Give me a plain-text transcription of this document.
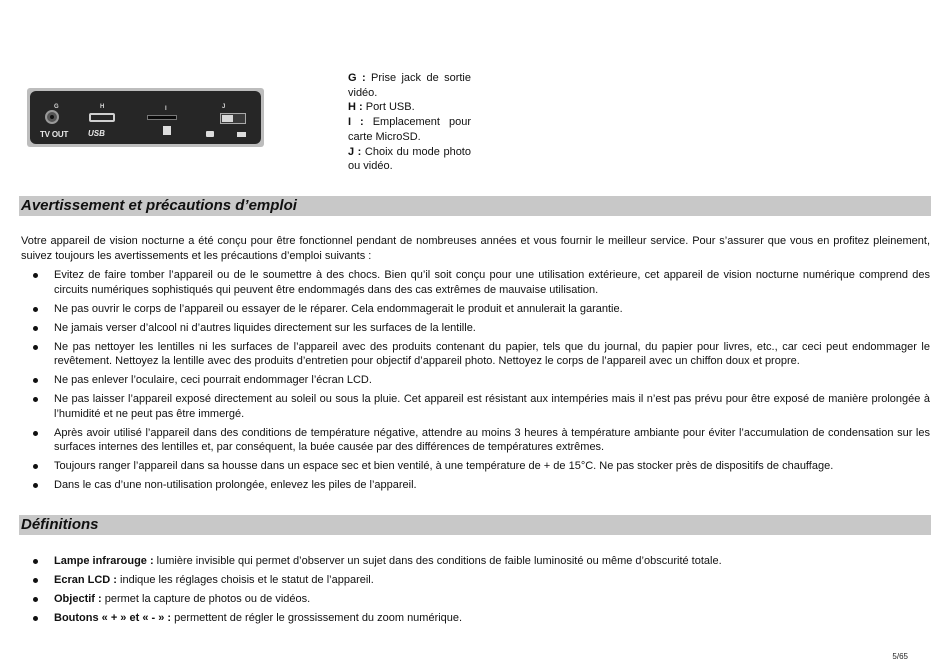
G	H	I	J
TV OUT USB

G : Prise jack de sortie vidéo.

H : Port USB.

I : Emplacement pour carte MicroSD.

J : Choix du mode photo ou vidéo.

Avertissement et précautions d’emploi

Votre appareil de vision nocturne a été conçu pour être fonctionnel pendant de nombreuses années et vous fournir le meilleur service. Pour s’assurer que vous en profitez pleinement, suivez toujours les avertissements et les précautions d’emploi suivants :

Evitez de faire tomber l’appareil ou de le soumettre à des chocs. Bien qu’il soit conçu pour une utilisation extérieure, cet appareil de vision nocturne numérique comprend des circuits numériques sophistiqués qui peuvent être endommagés dans des cas extrêmes de mauvaise utilisation.
Ne pas ouvrir le corps de l’appareil ou essayer de le réparer. Cela endommagerait le produit et annulerait la garantie.
Ne jamais verser d’alcool ni d’autres liquides directement sur les surfaces de la lentille.
Ne pas nettoyer les lentilles ni les surfaces de l’appareil avec des produits contenant du papier, tels que du journal, du papier pour livres, etc., car ceci peut endommager le revêtement. Nettoyez la lentille avec des produits d’entretien pour objectif d’appareil photo. Nettoyez le corps de l’appareil avec un chiffon doux et propre.
Ne pas enlever l’oculaire, ceci pourrait endommager l’écran LCD.
Ne pas laisser l’appareil exposé directement au soleil ou sous la pluie. Cet appareil est résistant aux intempéries mais il n’est pas prévu pour être exposé de manière prolongée à l’humidité et ne peut pas être immergé.
Après avoir utilisé l’appareil dans des conditions de température négative, attendre au moins 3 heures à température ambiante pour éviter l’accumulation de condensation sur les surfaces internes des lentilles et, par conséquent, la buée causée par des différences de températures extrêmes.
Toujours ranger l’appareil dans sa housse dans un espace sec et bien ventilé, à une température de + de 15°C. Ne pas stocker près de dispositifs de chauffage.
Dans le cas d’une non-utilisation prolongée, enlevez les piles de l’appareil.
Définitions
Lampe infrarouge : lumière invisible qui permet d’observer un sujet dans des conditions de faible luminosité ou même d’obscurité totale.
Ecran LCD : indique les réglages choisis et le statut de l’appareil.
Objectif : permet la capture de photos ou de vidéos.
Boutons « + » et « - » : permettent de régler le grossissement du zoom numérique.
5/65
